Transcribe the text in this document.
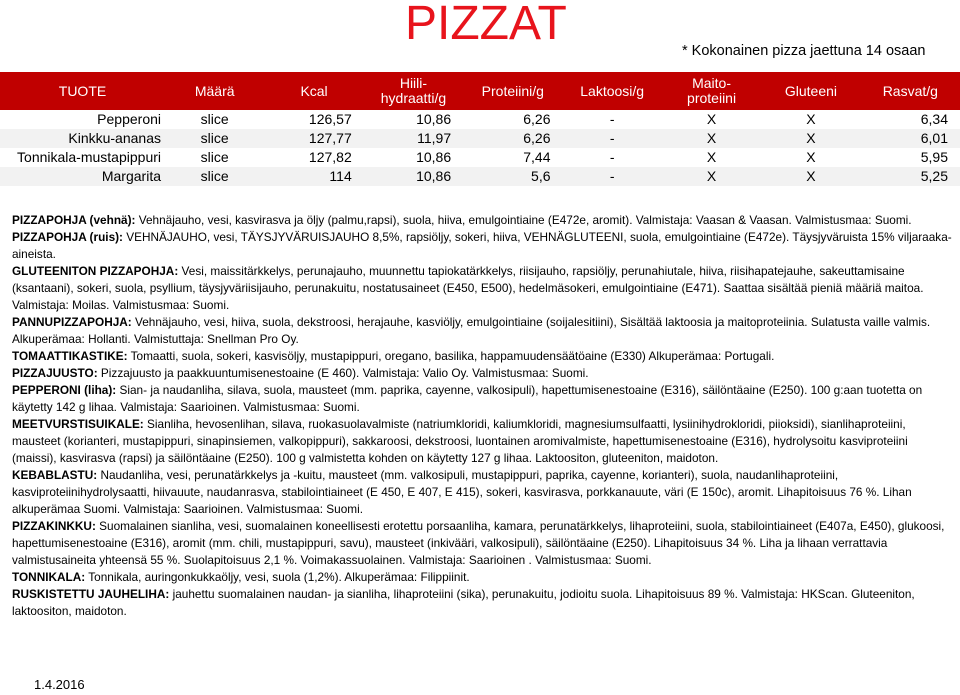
PIZZAT
* Kokonainen pizza jaettuna 14 osaan
TUOTE	Määrä	Kcal	Hiili-
hydraatti/g	Proteiini/g	Laktoosi/g	Maito-
proteiini	Gluteeni	Rasvat/g
Pepperoni	slice	126,57	10,86	6,26	-	X	X	6,34
Kinkku-ananas	slice	127,77	11,97	6,26	-	X	X	6,01
Tonnikala-mustapippuri	slice	127,82	10,86	7,44	-	X	X	5,95
Margarita	slice	114	10,86	5,6	-	X	X	5,25

PIZZAPOHJA (vehnä): Vehnäjauho, vesi, kasvirasva ja öljy (palmu,rapsi), suola, hiiva, emulgointiaine (E472e, aromit). Valmistaja: Vaasan & Vaasan. Valmistusmaa: Suomi.

PIZZAPOHJA (ruis): VEHNÄJAUHO, vesi, TÄYSJYVÄRUISJAUHO 8,5%, rapsiöljy, sokeri, hiiva, VEHNÄGLUTEENI, suola, emulgointiaine (E472e). Täysjyväruista 15% viljaraaka-aineista.

GLUTEENITON PIZZAPOHJA: Vesi, maissitärkkelys, perunajauho, muunnettu tapiokatärkkelys, riisijauho, rapsiöljy, perunahiutale, hiiva, riisihapatejauhe, sakeuttamisaine (ksantaani), sokeri, suola, psyllium, täysjyväriisijauho, perunakuitu, nostatusaineet (E450, E500), hedelmäsokeri, emulgointiaine (E471). Saattaa sisältää pieniä määriä maitoa. Valmistaja: Moilas. Valmistusmaa: Suomi.

PANNUPIZZAPOHJA: Vehnäjauho, vesi, hiiva, suola, dekstroosi, herajauhe, kasviöljy, emulgointiaine (soijalesitiini), Sisältää laktoosia ja maitoproteiinia. Sulatusta vaille valmis. Alkuperämaa: Hollanti. Valmistuttaja: Snellman Pro Oy.

TOMAATTIKASTIKE: Tomaatti, suola, sokeri, kasvisöljy, mustapippuri, oregano, basilika, happamuudensäätöaine (E330) Alkuperämaa: Portugali.

PIZZAJUUSTO: Pizzajuusto ja paakkuuntumisenestoaine (E 460). Valmistaja: Valio Oy. Valmistusmaa: Suomi.

PEPPERONI (liha): Sian- ja naudanliha, silava, suola, mausteet (mm. paprika, cayenne, valkosipuli), hapettumisenestoaine (E316), säilöntäaine (E250). 100 g:aan tuotetta on käytetty 142 g lihaa. Valmistaja: Saarioinen. Valmistusmaa: Suomi.

MEETVURSTISUIKALE: Sianliha, hevosenlihan, silava, ruokasuolavalmiste (natriumkloridi, kaliumkloridi, magnesiumsulfaatti, lysiinihydrokloridi, piioksidi), sianlihaproteiini, mausteet (korianteri, mustapippuri, sinapinsiemen, valkopippuri), sakkaroosi, dekstroosi, luontainen aromivalmiste, hapettumisenestoaine (E316), hydrolysoitu kasviproteiini (maissi), kasvirasva (rapsi) ja säilöntäaine (E250). 100 g valmistetta kohden on käytetty 127 g lihaa. Laktoositon, gluteeniton, maidoton.

KEBABLASTU: Naudanliha, vesi, perunatärkkelys ja -kuitu, mausteet (mm. valkosipuli, mustapippuri, paprika, cayenne, korianteri), suola, naudanlihaproteiini, kasviproteiinihydrolysaatti, hiivauute, naudanrasva, stabilointiaineet (E 450, E 407, E 415), sokeri, kasvirasva, porkkanauute, väri (E 150c), aromit. Lihapitoisuus 76 %. Lihan alkuperämaa Suomi. Valmistaja: Saarioinen. Valmistusmaa: Suomi.

PIZZAKINKKU: Suomalainen sianliha, vesi, suomalainen koneellisesti erotettu porsaanliha, kamara, perunatärkkelys, lihaproteiini, suola, stabilointiaineet (E407a, E450), glukoosi, hapettumisenestoaine (E316), aromit (mm. chili, mustapippuri, savu), mausteet (inkivääri, valkosipuli), säilöntäaine (E250). Lihapitoisuus 34 %. Liha ja lihaan verrattavia valmistusaineita yhteensä 55 %. Suolapitoisuus 2,1 %. Voimakassuolainen. Valmistaja: Saarioinen . Valmistusmaa: Suomi.

TONNIKALA: Tonnikala, auringonkukkaöljy, vesi, suola (1,2%). Alkuperämaa: Filippiinit.

RUSKISTETTU JAUHELIHA: jauhettu suomalainen naudan- ja sianliha, lihaproteiini (sika), perunakuitu, jodioitu suola. Lihapitoisuus 89 %. Valmistaja: HKScan. Gluteeniton, laktoositon, maidoton.

1.4.2016
